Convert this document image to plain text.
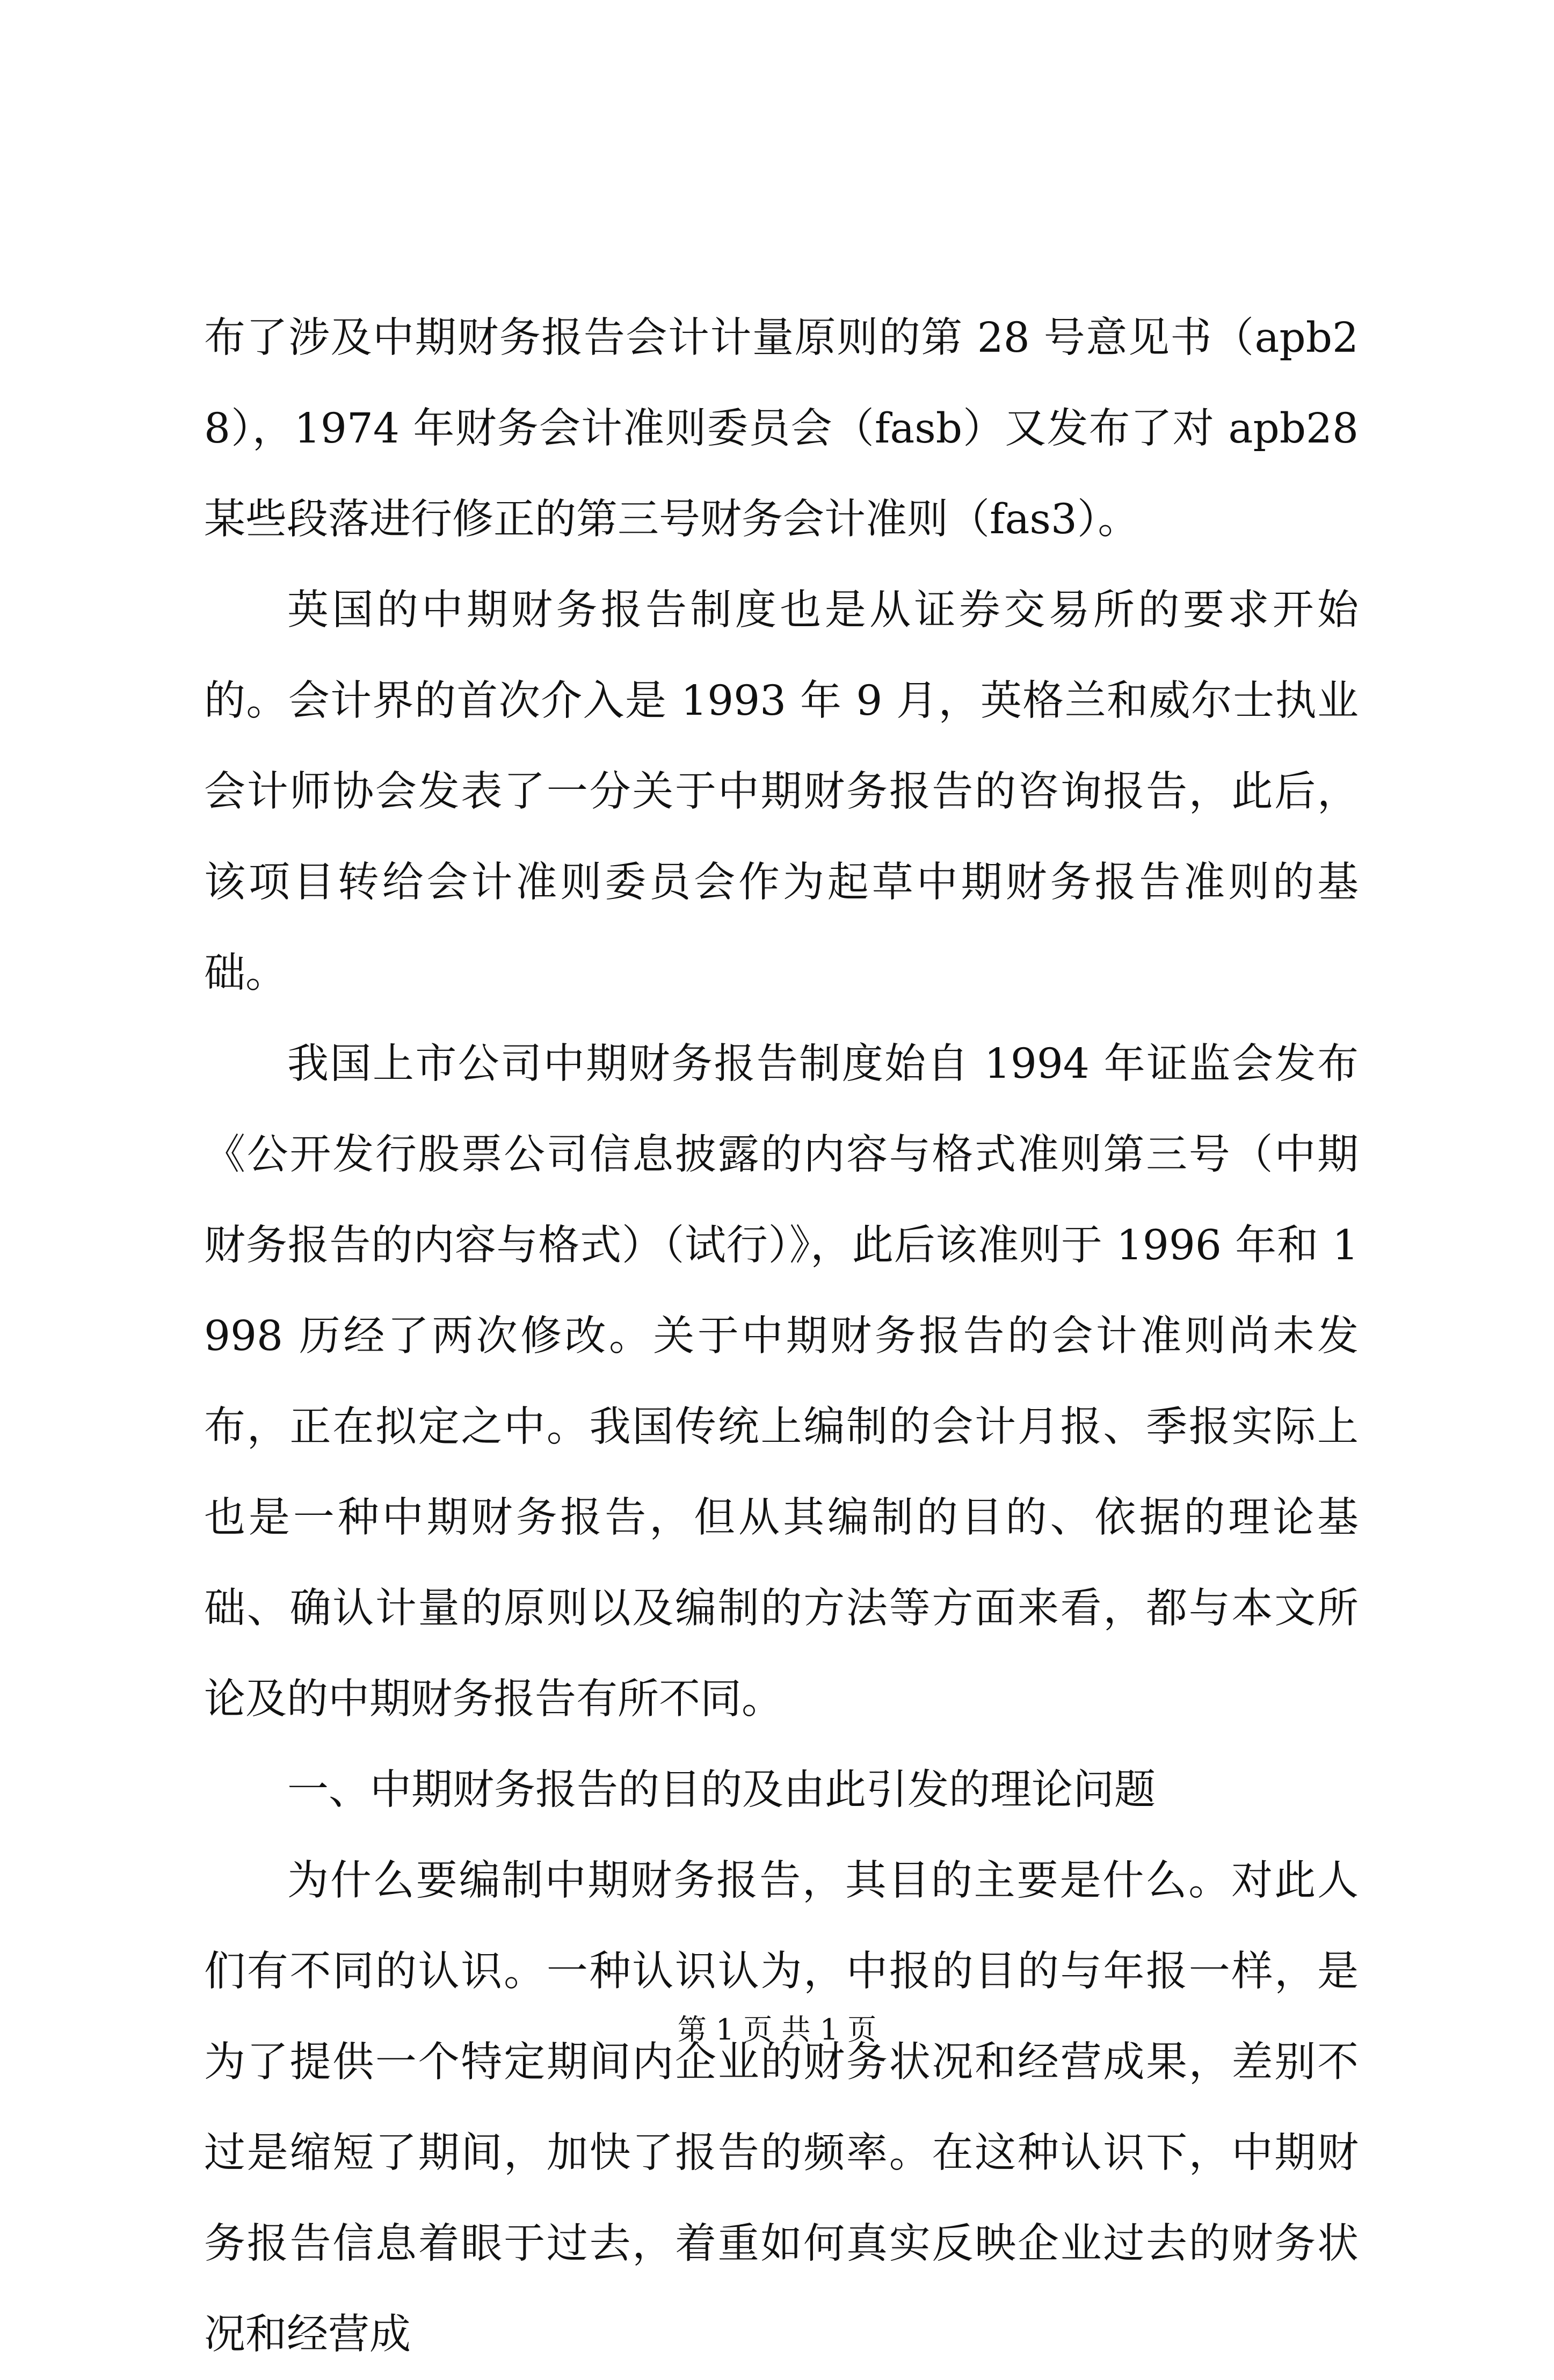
布了涉及中期财务报告会计计量原则的第 28 号意见书（apb28），1974 年财务会计准则委员会（fasb）又发布了对 apb28 某些段落进行修正的第三号财务会计准则（fas3）。

英国的中期财务报告制度也是从证券交易所的要求开始的。会计界的首次介入是 1993 年 9 月，英格兰和威尔士执业会计师协会发表了一分关于中期财务报告的咨询报告，此后，该项目转给会计准则委员会作为起草中期财务报告准则的基础。

我国上市公司中期财务报告制度始自 1994 年证监会发布《公开发行股票公司信息披露的内容与格式准则第三号（中期财务报告的内容与格式）（试行）》，此后该准则于 1996 年和 1998 历经了两次修改。关于中期财务报告的会计准则尚未发布，正在拟定之中。我国传统上编制的会计月报、季报实际上也是一种中期财务报告，但从其编制的目的、依据的理论基础、确认计量的原则以及编制的方法等方面来看，都与本文所论及的中期财务报告有所不同。

一、中期财务报告的目的及由此引发的理论问题

为什么要编制中期财务报告，其目的主要是什么。对此人们有不同的认识。一种认识认为，中报的目的与年报一样，是为了提供一个特定期间内企业的财务状况和经营成果，差别不过是缩短了期间，加快了报告的频率。在这种认识下，中期财务报告信息着眼于过去，着重如何真实反映企业过去的财务状况和经营成

第 1 页 共 1 页
